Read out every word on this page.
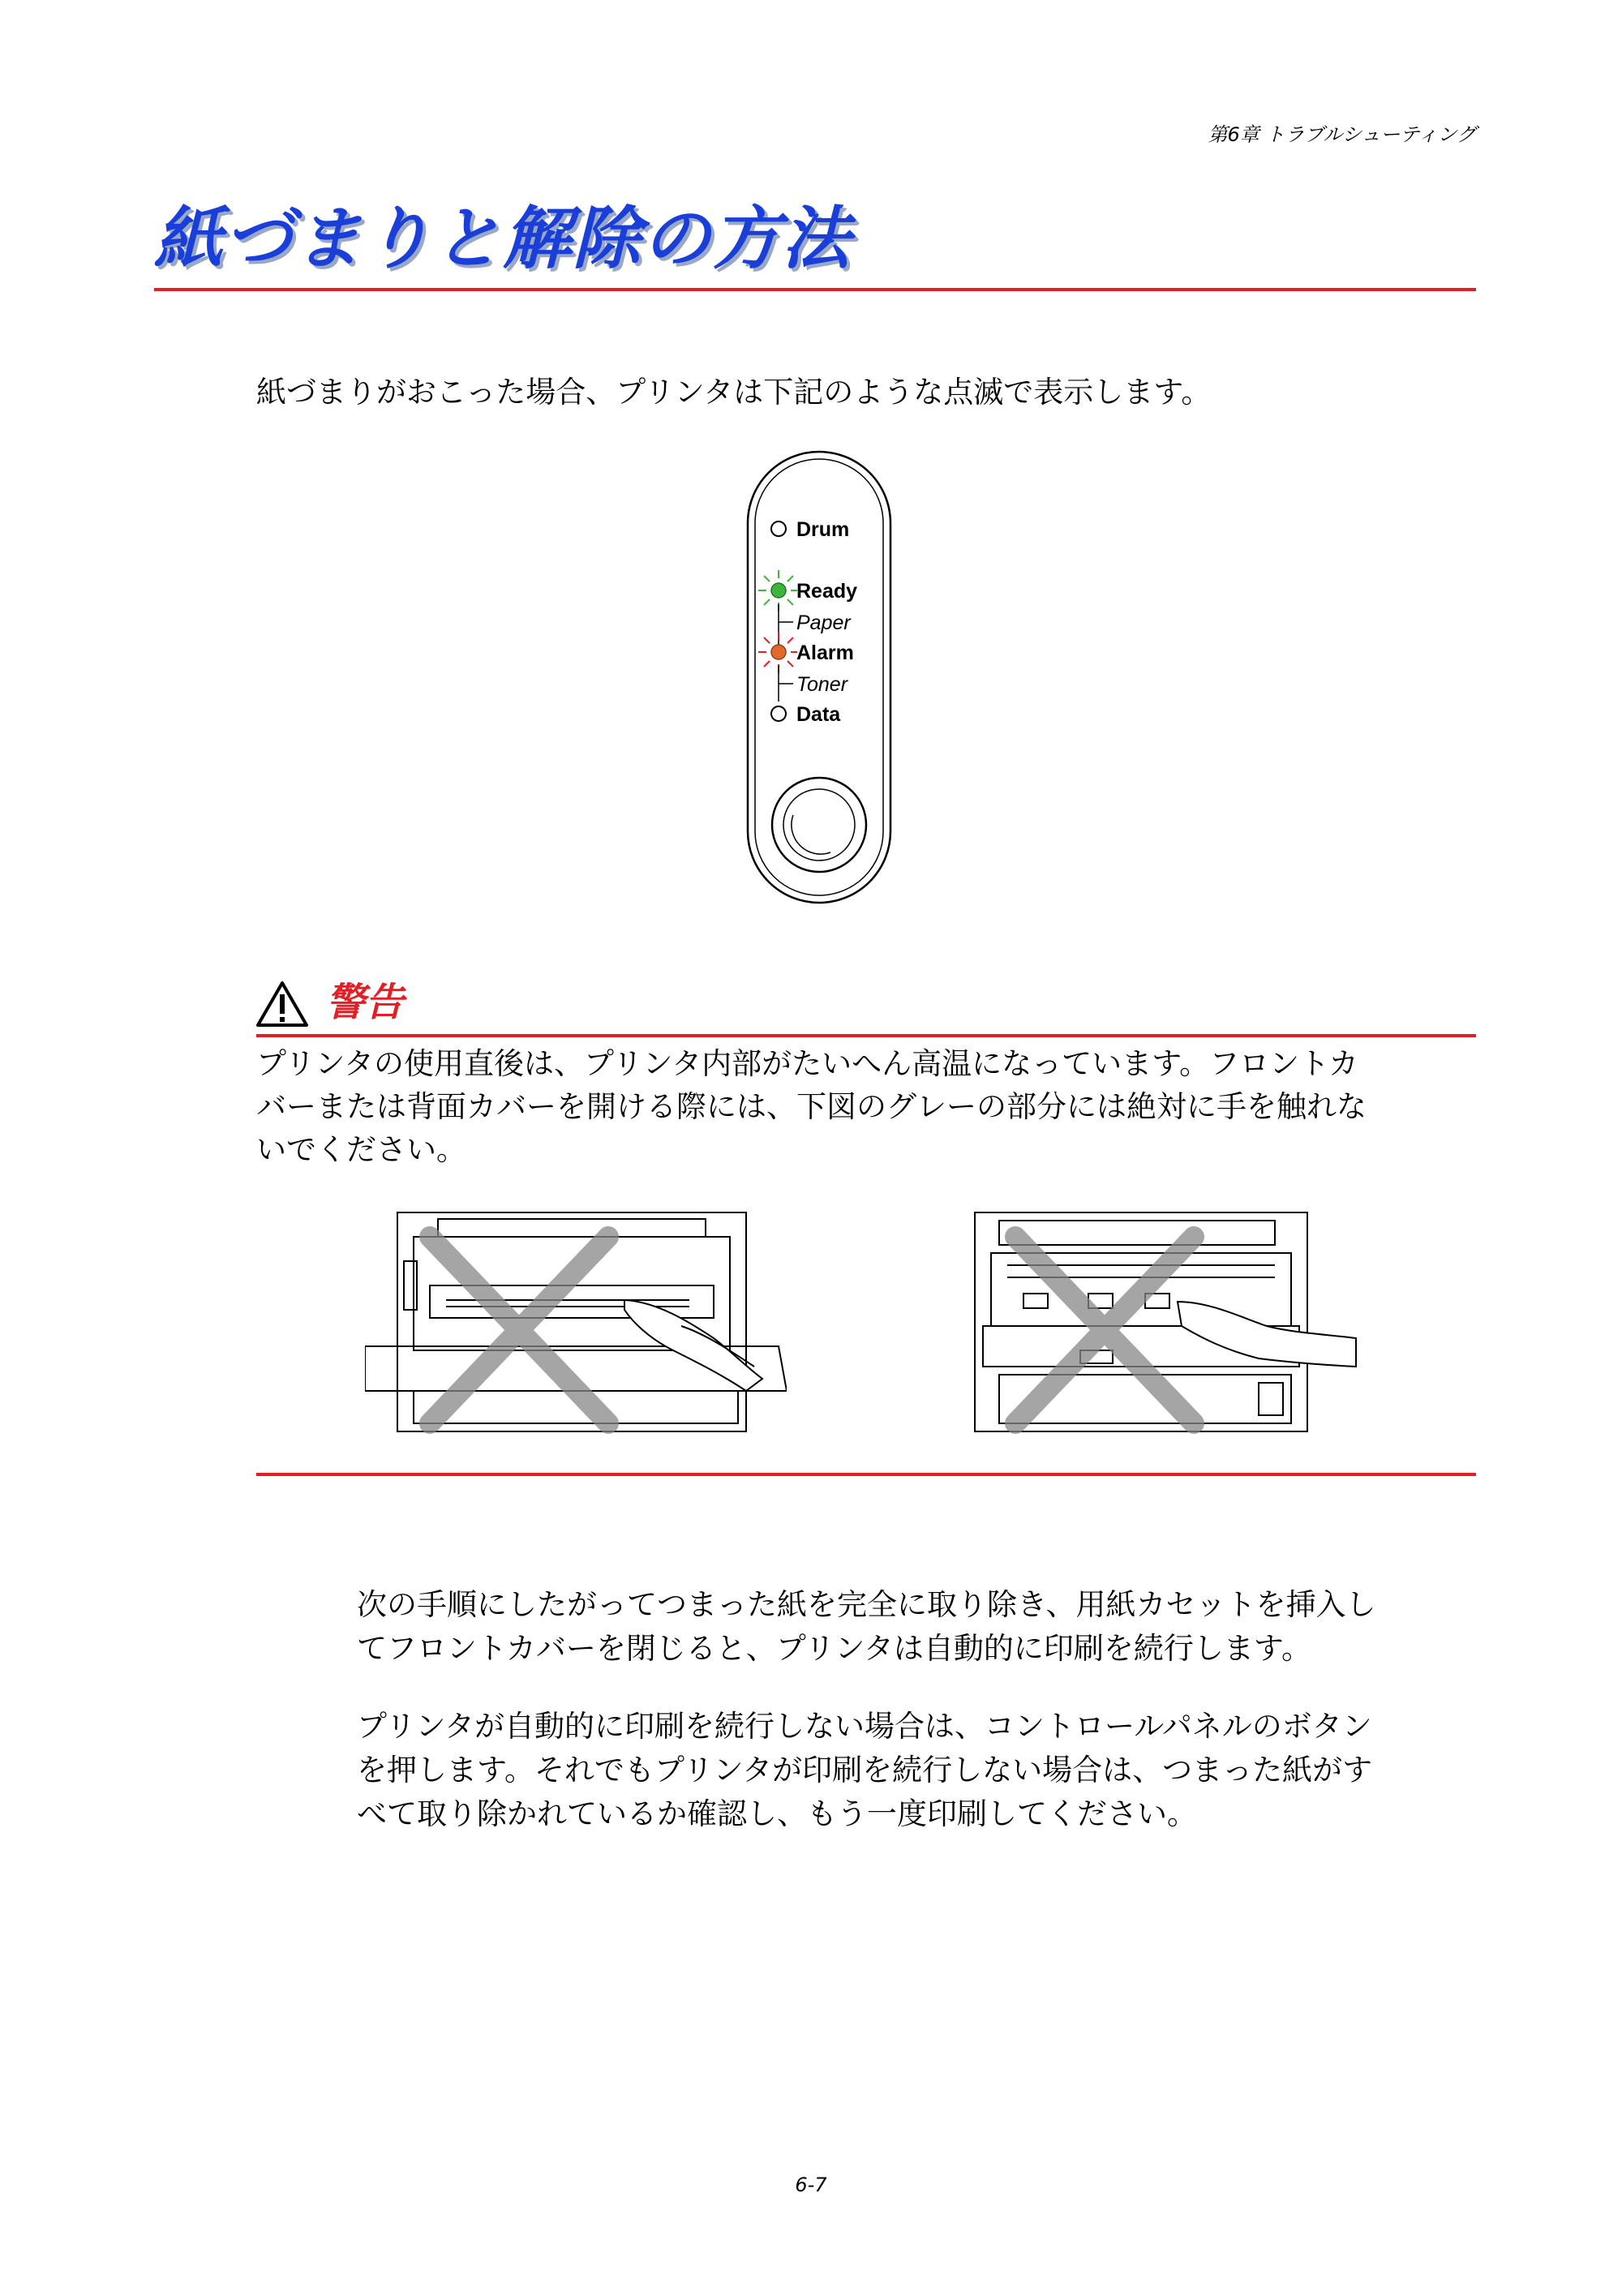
第6章 トラブルシューティング
紙づまりと解除の方法
紙づまりがおこった場合、プリンタは下記のような点滅で表示します。
Drum
Ready
Paper
Alarm
Toner
Data
警告
プリンタの使用直後は、プリンタ内部がたいへん高温になっています。フロントカ
バーまたは背面カバーを開ける際には、下図のグレーの部分には絶対に手を触れな
いでください。
次の手順にしたがってつまった紙を完全に取り除き、用紙カセットを挿入し
てフロントカバーを閉じると、プリンタは自動的に印刷を続行します。
プリンタが自動的に印刷を続行しない場合は、コントロールパネルのボタン
を押します。それでもプリンタが印刷を続行しない場合は、つまった紙がす
べて取り除かれているか確認し、もう一度印刷してください。
6-7
